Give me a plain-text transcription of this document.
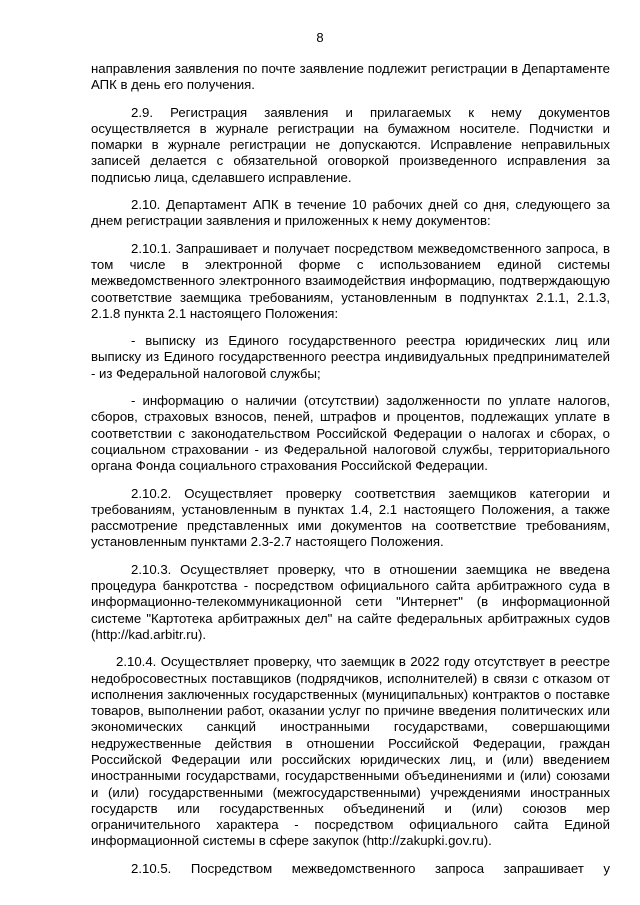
8

направления заявления по почте заявление подлежит регистрации в Департаменте АПК в день его получения.

2.9. Регистрация заявления и прилагаемых к нему документов осуществляется в журнале регистрации на бумажном носителе. Подчистки и помарки в журнале регистрации не допускаются. Исправление неправильных записей делается с обязательной оговоркой произведенного исправления за подписью лица, сделавшего исправление.

2.10. Департамент АПК в течение 10 рабочих дней со дня, следующего за днем регистрации заявления и приложенных к нему документов:

2.10.1. Запрашивает и получает посредством межведомственного запроса, в том числе в электронной форме с использованием единой системы межведомственного электронного взаимодействия информацию, подтверждающую соответствие заемщика требованиям, установленным в подпунктах 2.1.1, 2.1.3, 2.1.8 пункта 2.1 настоящего Положения:

- выписку из Единого государственного реестра юридических лиц или выписку из Единого государственного реестра индивидуальных предпринимателей - из Федеральной налоговой службы;

- информацию о наличии (отсутствии) задолженности по уплате налогов, сборов, страховых взносов, пеней, штрафов и процентов, подлежащих уплате в соответствии с законодательством Российской Федерации о налогах и сборах, о социальном страховании - из Федеральной налоговой службы, территориального органа Фонда социального страхования Российской Федерации.

2.10.2. Осуществляет проверку соответствия заемщиков категории и требованиям, установленным в пунктах 1.4, 2.1 настоящего Положения, а также рассмотрение представленных ими документов на соответствие требованиям, установленным пунктами 2.3-2.7 настоящего Положения.

2.10.3. Осуществляет проверку, что в отношении заемщика не введена процедура банкротства - посредством официального сайта арбитражного суда в информационно-телекоммуникационной сети "Интернет" (в информационной системе "Картотека арбитражных дел" на сайте федеральных арбитражных судов (http://kad.arbitr.ru).

2.10.4. Осуществляет проверку, что заемщик в 2022 году отсутствует в реестре недобросовестных поставщиков (подрядчиков, исполнителей) в связи с отказом от исполнения заключенных государственных (муниципальных) контрактов о поставке товаров, выполнении работ, оказании услуг по причине введения политических или экономических санкций иностранными государствами, совершающими недружественные действия в отношении Российской Федерации, граждан Российской Федерации или российских юридических лиц, и (или) введением иностранными государствами, государственными объединениями и (или) союзами и (или) государственными (межгосударственными) учреждениями иностранных государств или государственных объединений и (или) союзов мер ограничительного характера - посредством официального сайта Единой информационной системы в сфере закупок (http://zakupki.gov.ru).

2.10.5. Посредством межведомственного запроса запрашивает у
